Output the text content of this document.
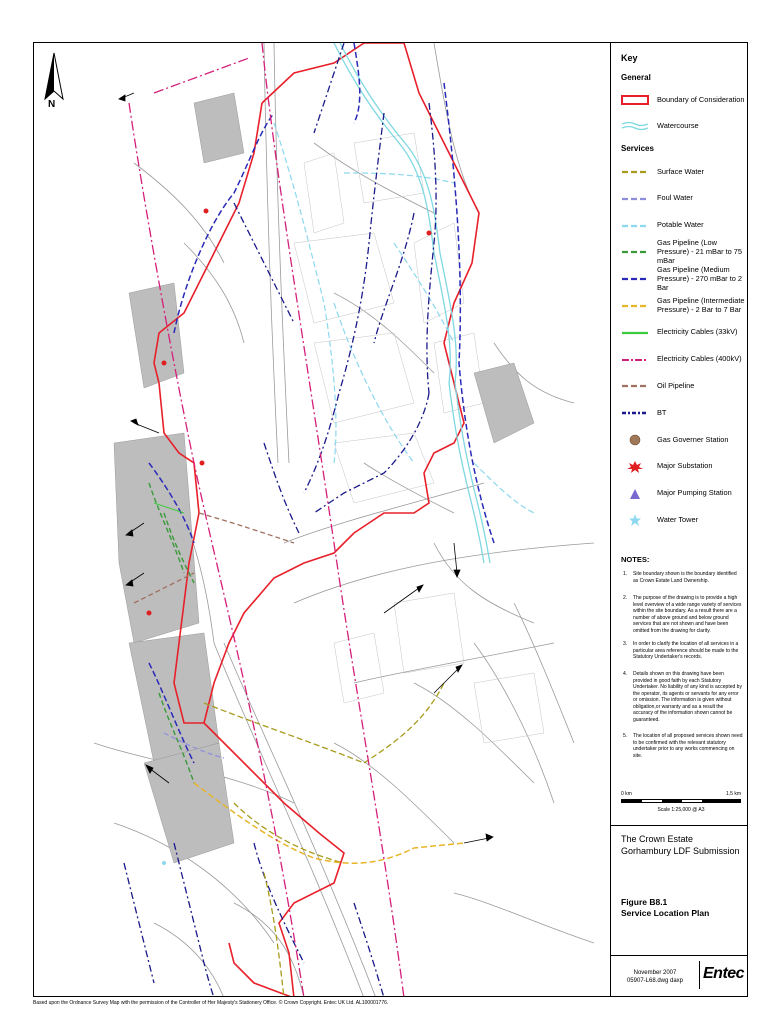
N
Key
General
Boundary of Consideration
Watercourse
Services
Surface Water
Foul Water
Potable Water
Gas Pipeline (Low Pressure) - 21 mBar to 75 mBar
Gas Pipeline (Medium Pressure) - 270 mBar to 2 Bar
Gas Pipeline (Intermediate Pressure) - 2 Bar to 7 Bar
Electricity Cables (33kV)
Electricity Cables (400kV)
Oil Pipeline
BT
Gas Governer Station
Major Substation
Major Pumping Station
Water Tower
NOTES:
1. Site boundary shown is the boundary identified as Crown Estate Land Ownership.
2. The purpose of the drawing is to provide a high level overview of a wide range variety of services within the site boundary. As a result there are a number of above ground and below ground services that are not shown and have been omitted from the drawing for clarity.
3. In order to clarify the location of all services in a particular area reference should be made to the Statutory Undertaker's records.
4. Details shown on this drawing have been provided in good faith by each Statutory Undertaker. No liability of any kind is accepted by the operator, its agents or servants for any error or omission. The information is given without obligation,or warranty and as a result the accuracy of the information shown cannot be guaranteed.
5. The location of all proposed services shown need to be confirmed with the relevant statutory undertaker prior to any works commencing on site.
0 km	1.5 km
Scale 1:25,000 @ A3
The Crown Estate
Gorhambury LDF Submission
Figure B8.1
Service Location Plan
November 2007
05907-L68.dwg daxp	Entec
Based upon the Ordnance Survey Map with the permission of the Controller of Her Majesty's Stationery Office. © Crown Copyright. Entec UK Ltd. AL100001776.
